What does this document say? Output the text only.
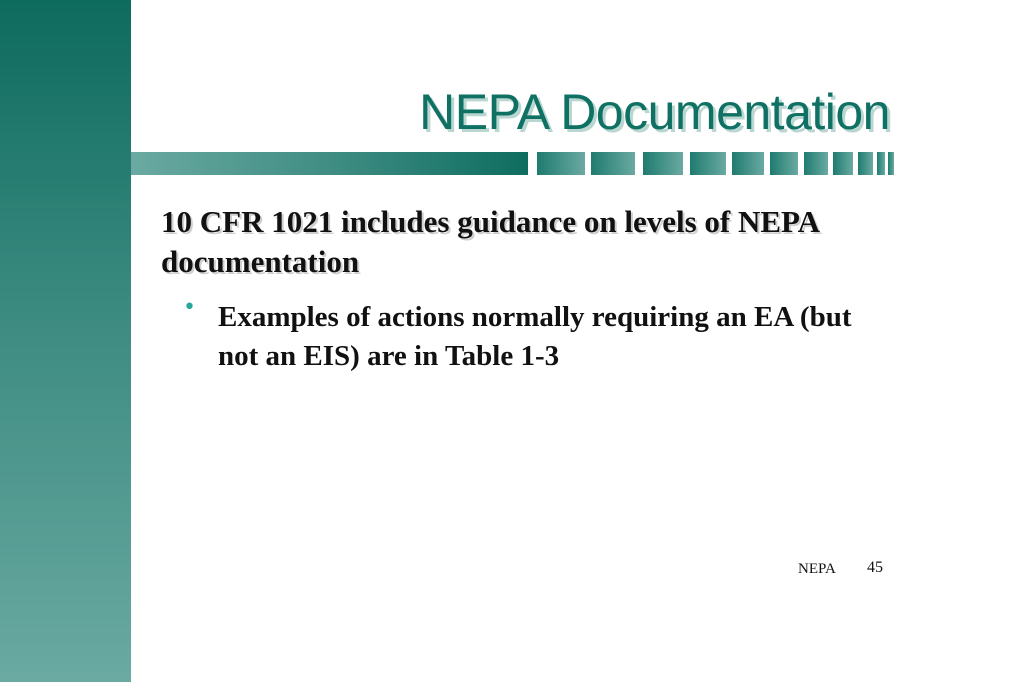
NEPA Documentation

10 CFR 1021 includes guidance on levels of NEPA documentation

• Examples of actions normally requiring an EA (but not an EIS) are in Table 1-3

NEPA 45
